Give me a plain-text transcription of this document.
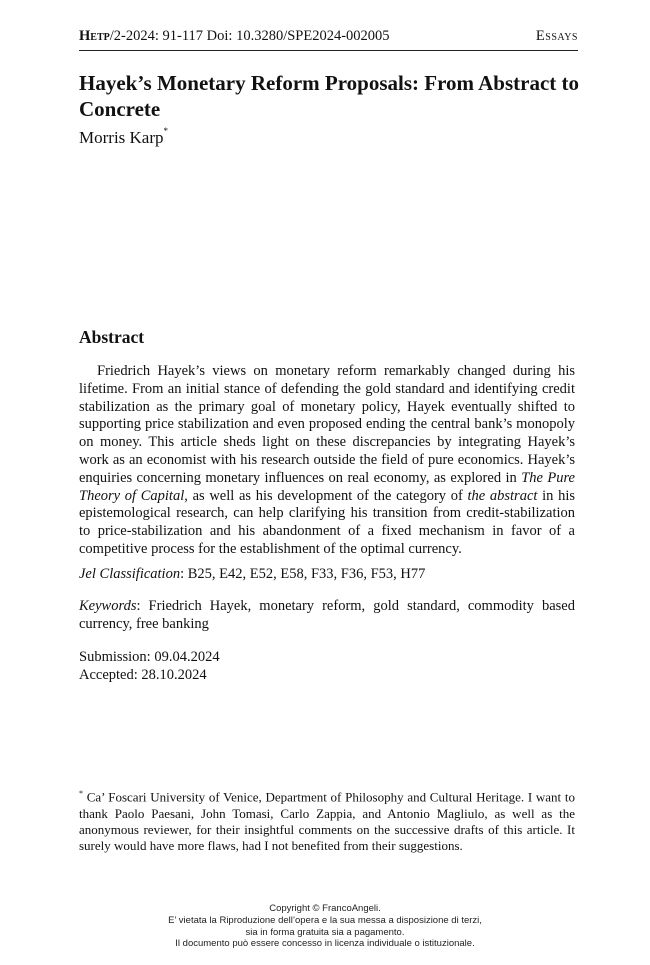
Hetp/2-2024: 91-117 Doi: 10.3280/SPE2024-002005	Essays
Hayek’s Monetary Reform Proposals: From Abstract to Concrete
Morris Karp*
Abstract

Friedrich Hayek’s views on monetary reform remarkably changed during his lifetime. From an initial stance of defending the gold standard and identifying credit stabilization as the primary goal of monetary policy, Hayek eventually shifted to supporting price stabilization and even proposed ending the central bank’s monopoly on money. This article sheds light on these discrepancies by integrating Hayek’s work as an economist with his research outside the field of pure economics. Hayek’s enquiries concerning monetary influences on real economy, as explored in The Pure Theory of Capital, as well as his development of the category of the abstract in his epistemological research, can help clarifying his transition from credit-stabilization to price-stabilization and his abandonment of a fixed mechanism in favor of a competitive process for the establishment of the optimal currency.

Jel Classification: B25, E42, E52, E58, F33, F36, F53, H77

Keywords: Friedrich Hayek, monetary reform, gold standard, commodity based currency, free banking

Submission: 09.04.2024
Accepted: 28.10.2024

* Ca’ Foscari University of Venice, Department of Philosophy and Cultural Heritage. I want to thank Paolo Paesani, John Tomasi, Carlo Zappia, and Antonio Magliulo, as well as the anonymous reviewer, for their insightful comments on the successive drafts of this article. It surely would have more flaws, had I not benefited from their suggestions.

Copyright © FrancoAngeli.
E’ vietata la Riproduzione dell’opera e la sua messa a disposizione di terzi,
sia in forma gratuita sia a pagamento.
Il documento può essere concesso in licenza individuale o istituzionale.
